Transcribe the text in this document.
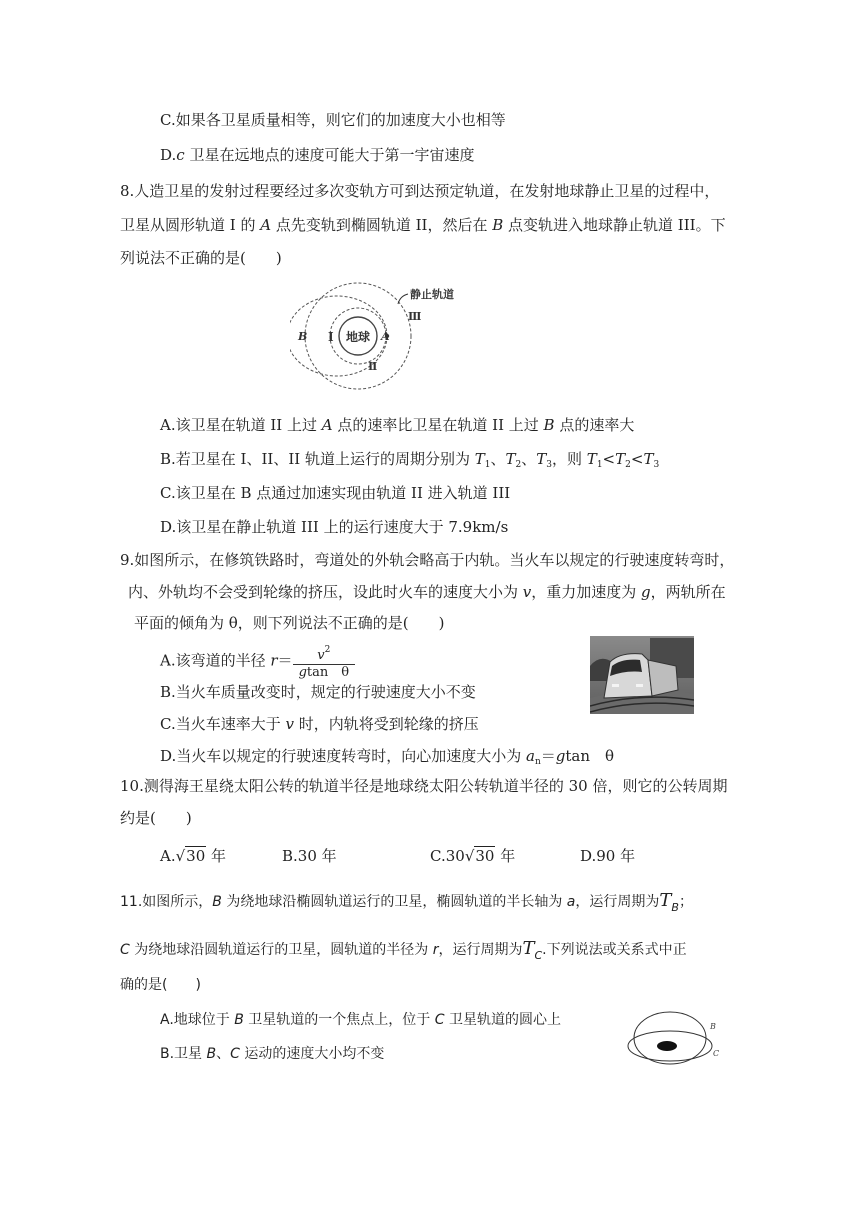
C.如果各卫星质量相等，则它们的加速度大小也相等
D.c 卫星在远地点的速度可能大于第一宇宙速度
8.人造卫星的发射过程要经过多次变轨方可到达预定轨道，在发射地球静止卫星的过程中，
卫星从圆形轨道 I 的 A 点先变轨到椭圆轨道 II，然后在 B 点变轨进入地球静止轨道 III。下
列说法不正确的是(　　)
地球
B	A
Ⅰ
Ⅱ
Ⅲ
静止轨道
A.该卫星在轨道 II 上过 A 点的速率比卫星在轨道 II 上过 B 点的速率大
B.若卫星在 I、II、II 轨道上运行的周期分别为 $T_1$、$T_2$、$T_3$，则 $T_1<T_2<T_3$
C.该卫星在 B 点通过加速实现由轨道 II 进入轨道 III
D.该卫星在静止轨道 III 上的运行速度大于 7.9km/s
9.如图所示，在修筑铁路时，弯道处的外轨会略高于内轨。当火车以规定的行驶速度转弯时，
内、外轨均不会受到轮缘的挤压，设此时火车的速度大小为 v，重力加速度为 g，两轨所在
平面的倾角为 θ，则下列说法不正确的是(　　)
A.该弯道的半径 $r= \frac{v^2}{\text{gtan　θ}}$
B.当火车质量改变时，规定的行驶速度大小不变
C.当火车速率大于 v 时，内轨将受到轮缘的挤压
D.当火车以规定的行驶速度转弯时，向心加速度大小为 $a_n=gtan$　θ
10.测得海王星绕太阳公转的轨道半径是地球绕太阳公转轨道半径的 30 倍，则它的公转周期
约是(　　)
A.√30 年	B.30 年	C.30√30 年	D.90 年
11.如图所示，B 为绕地球沿椭圆轨道运行的卫星，椭圆轨道的半长轴为 a，运行周期为$T_B$；
C 为绕地球沿圆轨道运行的卫星，圆轨道的半径为 r，运行周期为$T_C$.下列说法或关系式中正
确的是(　　)
A.地球位于 B 卫星轨道的一个焦点上，位于 C 卫星轨道的圆心上
B.卫星 B、C 运动的速度大小均不变
B
C
